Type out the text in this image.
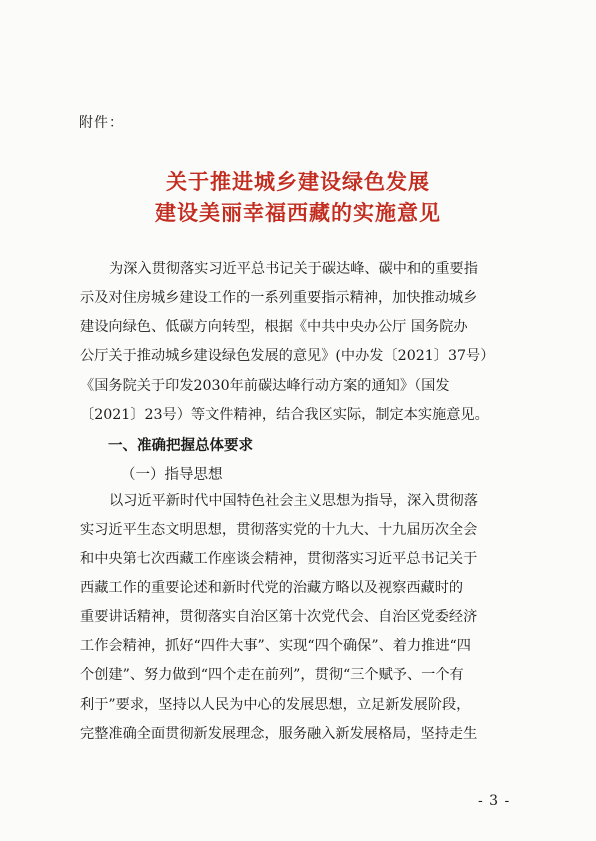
附件：
关于推进城乡建设绿色发展
建设美丽幸福西藏的实施意见
为深入贯彻落实习近平总书记关于碳达峰、碳中和的重要指
示及对住房城乡建设工作的一系列重要指示精神，加快推动城乡
建设向绿色、低碳方向转型，根据《中共中央办公厅 国务院办
公厅关于推动城乡建设绿色发展的意见》(中办发〔2021〕37号）
《国务院关于印发2030年前碳达峰行动方案的通知》（国发
〔2021〕23号）等文件精神，结合我区实际，制定本实施意见。
一、准确把握总体要求
（一）指导思想
以习近平新时代中国特色社会主义思想为指导，深入贯彻落
实习近平生态文明思想，贯彻落实党的十九大、十九届历次全会
和中央第七次西藏工作座谈会精神，贯彻落实习近平总书记关于
西藏工作的重要论述和新时代党的治藏方略以及视察西藏时的
重要讲话精神，贯彻落实自治区第十次党代会、自治区党委经济
工作会精神，抓好“四件大事”、实现“四个确保”、着力推进“四
个创建”、努力做到“四个走在前列”，贯彻“三个赋予、一个有
利于”要求，坚持以人民为中心的发展思想，立足新发展阶段，
完整准确全面贯彻新发展理念，服务融入新发展格局，坚持走生
- 3 -
